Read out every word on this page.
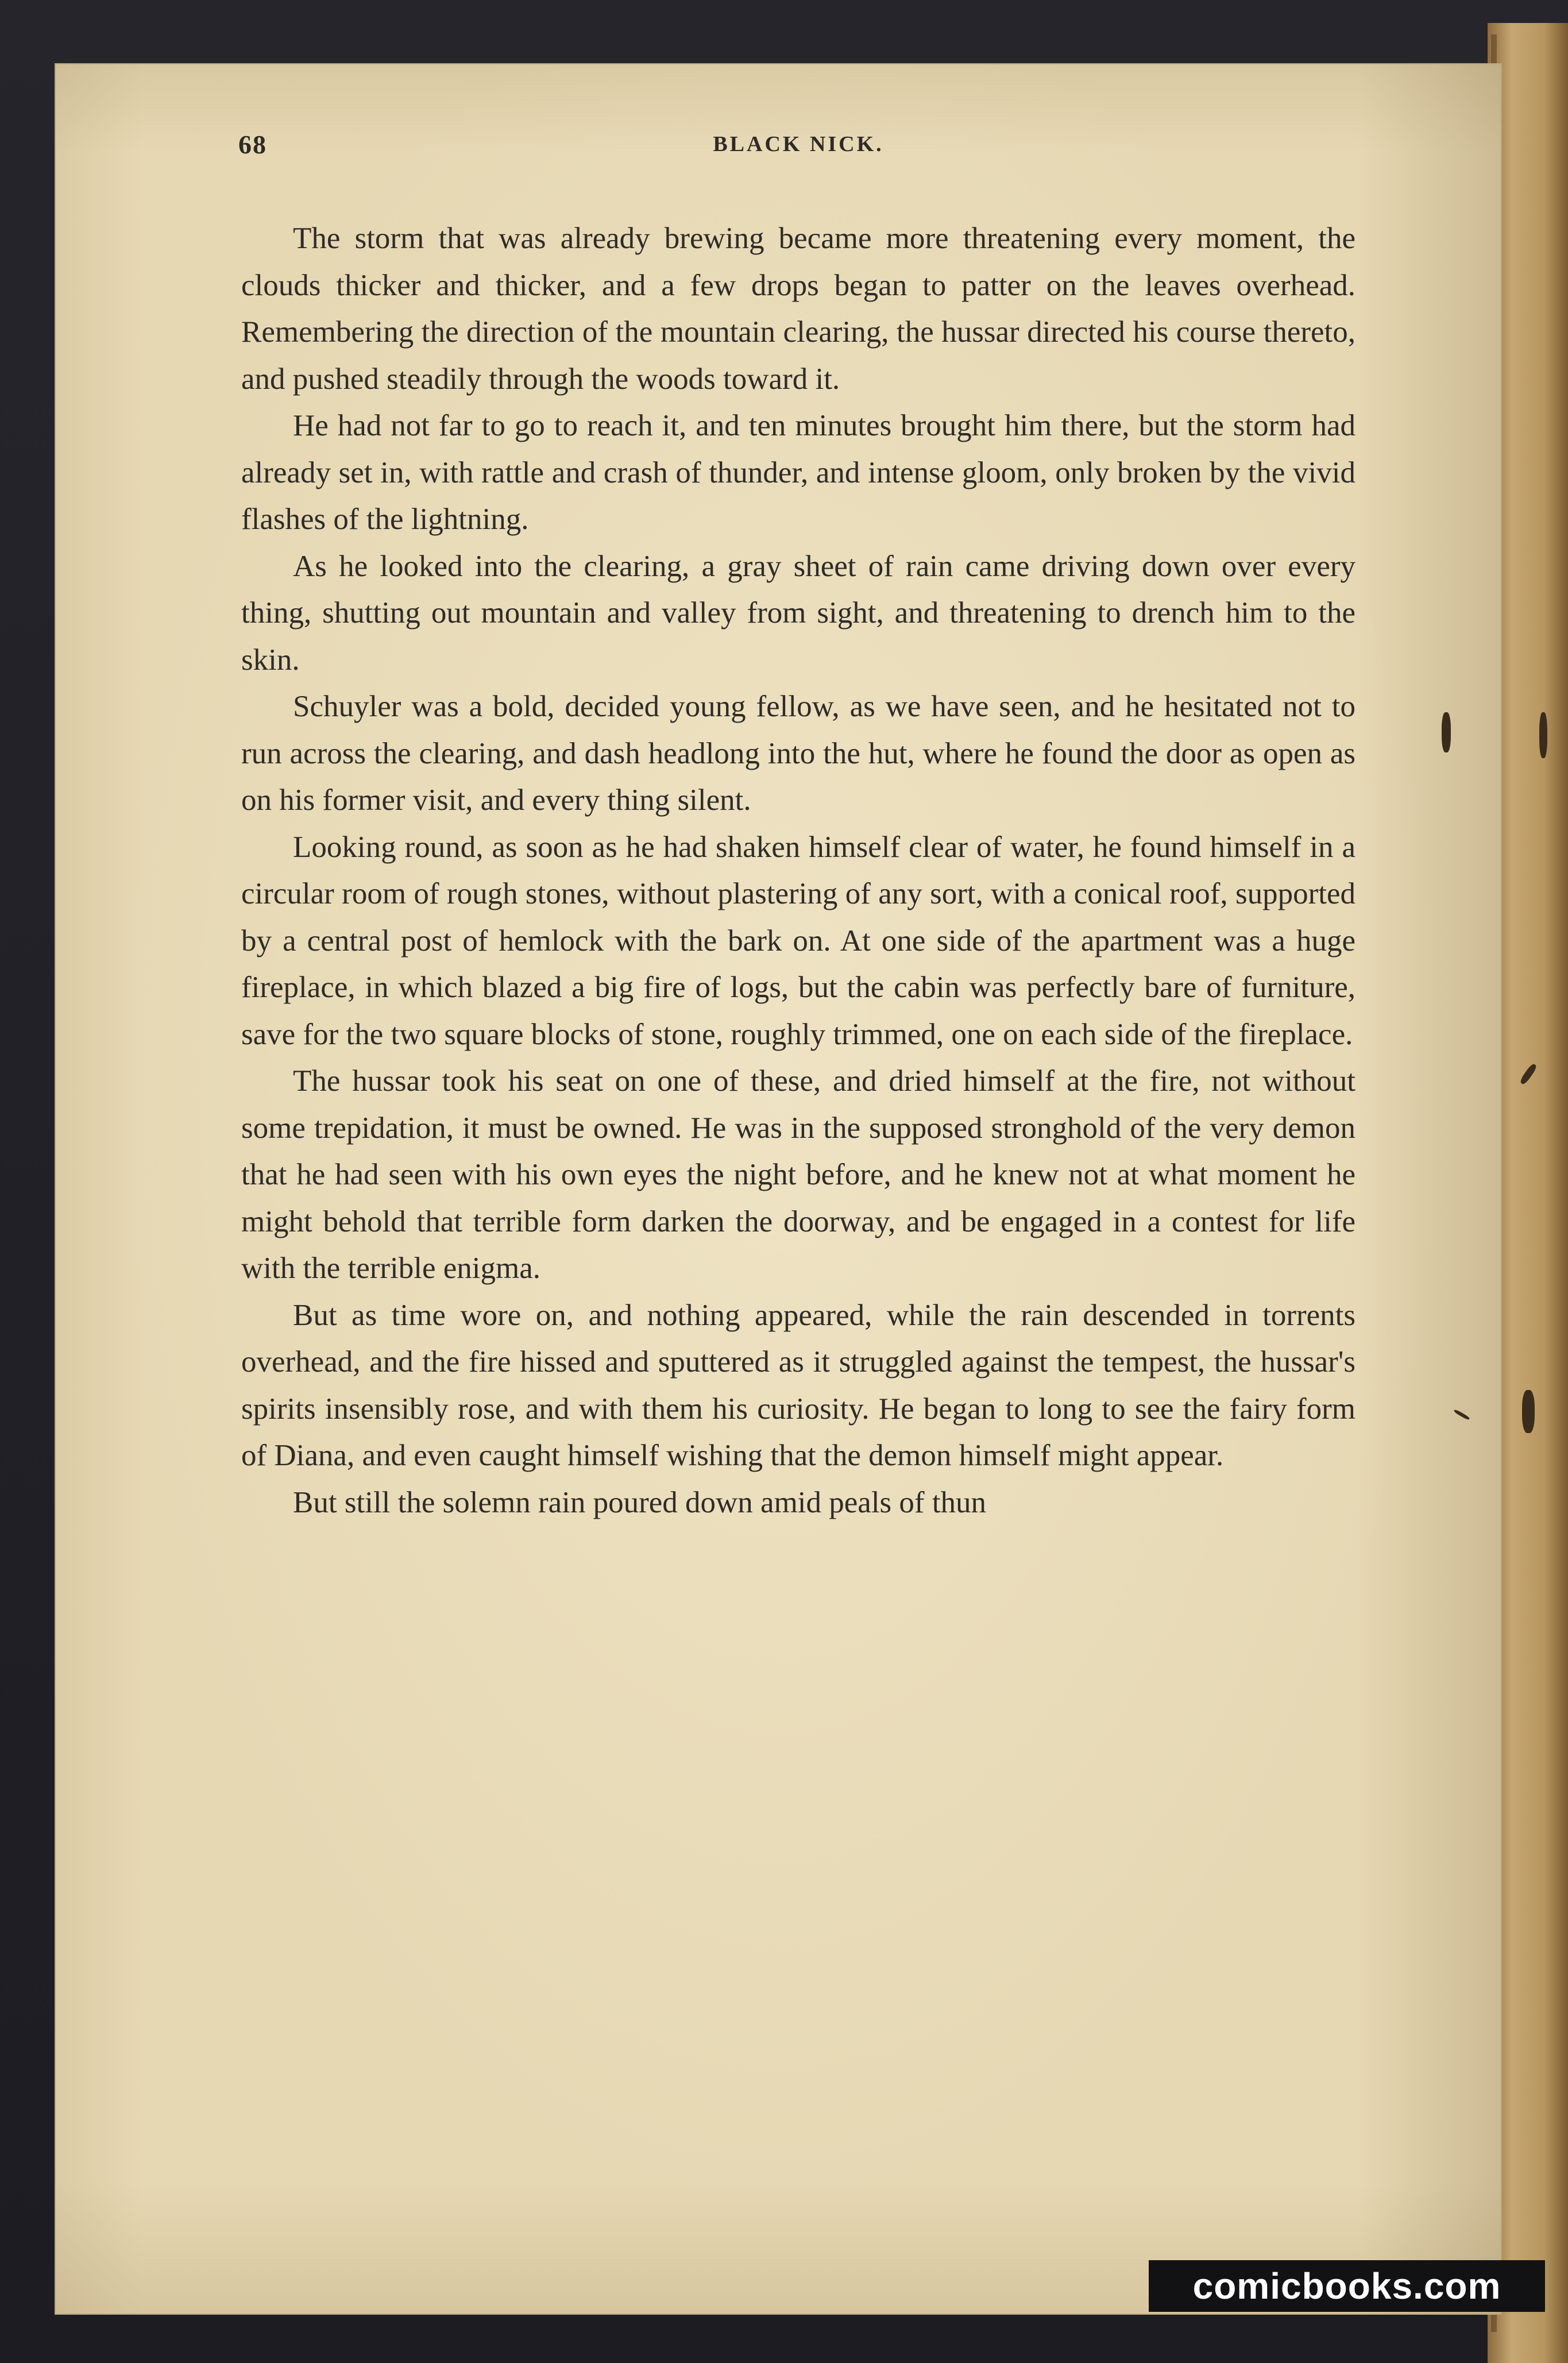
68	BLACK NICK.

The storm that was already brewing became more threatening every moment, the clouds thicker and thicker, and a few drops began to patter on the leaves overhead. Remembering the direction of the mountain clearing, the hussar directed his course thereto, and pushed steadily through the woods toward it.

He had not far to go to reach it, and ten minutes brought him there, but the storm had already set in, with rattle and crash of thunder, and intense gloom, only broken by the vivid flashes of the lightning.

As he looked into the clearing, a gray sheet of rain came driving down over every thing, shutting out mountain and valley from sight, and threatening to drench him to the skin.

Schuyler was a bold, decided young fellow, as we have seen, and he hesitated not to run across the clearing, and dash headlong into the hut, where he found the door as open as on his former visit, and every thing silent.

Looking round, as soon as he had shaken himself clear of water, he found himself in a circular room of rough stones, without plastering of any sort, with a conical roof, supported by a central post of hemlock with the bark on. At one side of the apartment was a huge fireplace, in which blazed a big fire of logs, but the cabin was perfectly bare of furniture, save for the two square blocks of stone, roughly trimmed, one on each side of the fireplace.

The hussar took his seat on one of these, and dried himself at the fire, not without some trepidation, it must be owned. He was in the supposed stronghold of the very demon that he had seen with his own eyes the night before, and he knew not at what moment he might behold that terrible form darken the doorway, and be engaged in a contest for life with the terrible enigma.

But as time wore on, and nothing appeared, while the rain descended in torrents overhead, and the fire hissed and sputtered as it struggled against the tempest, the hussar's spirits insensibly rose, and with them his curiosity. He began to long to see the fairy form of Diana, and even caught himself wishing that the demon himself might appear.

But still the solemn rain poured down amid peals of thun

comicbooks.com
